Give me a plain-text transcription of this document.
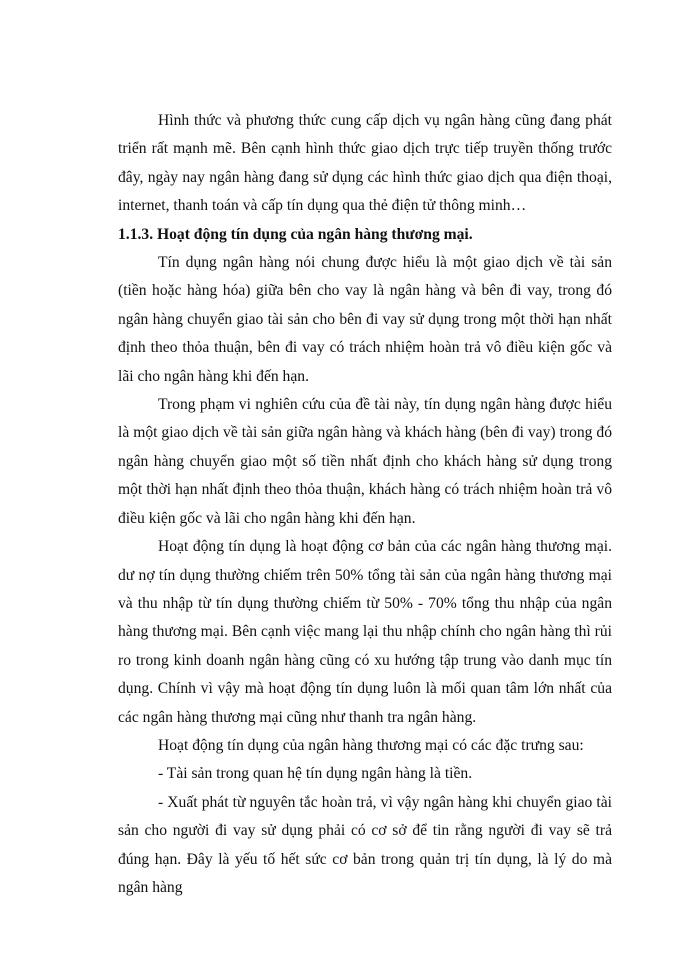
Hình thức và phương thức cung cấp dịch vụ ngân hàng cũng đang phát triển rất mạnh mẽ. Bên cạnh hình thức giao dịch trực tiếp truyền thống trước đây, ngày nay ngân hàng đang sử dụng các hình thức giao dịch qua điện thoại, internet, thanh toán và cấp tín dụng qua thẻ điện tử thông minh…

1.1.3. Hoạt động tín dụng của ngân hàng thương mại.

Tín dụng ngân hàng nói chung được hiểu là một giao dịch về tài sản (tiền hoặc hàng hóa) giữa bên cho vay là ngân hàng và bên đi vay, trong đó ngân hàng chuyển giao tài sản cho bên đi vay sử dụng trong một thời hạn nhất định theo thỏa thuận, bên đi vay có trách nhiệm hoàn trả vô điều kiện gốc và lãi cho ngân hàng khi đến hạn.

Trong phạm vi nghiên cứu của đề tài này, tín dụng ngân hàng được hiểu là một giao dịch về tài sản giữa ngân hàng và khách hàng (bên đi vay) trong đó ngân hàng chuyển giao một số tiền nhất định cho khách hàng sử dụng trong một thời hạn nhất định theo thỏa thuận, khách hàng có trách nhiệm hoàn trả vô điều kiện gốc và lãi cho ngân hàng khi đến hạn.

Hoạt động tín dụng là hoạt động cơ bản của các ngân hàng thương mại. dư nợ tín dụng thường chiếm trên 50% tổng tài sản của ngân hàng thương mại và thu nhập từ tín dụng thường chiếm từ 50% - 70% tổng thu nhập của ngân hàng thương mại. Bên cạnh việc mang lại thu nhập chính cho ngân hàng thì rủi ro trong kinh doanh ngân hàng cũng có xu hướng tập trung vào danh mục tín dụng. Chính vì vậy mà hoạt động tín dụng luôn là mối quan tâm lớn nhất của các ngân hàng thương mại cũng như thanh tra ngân hàng.

Hoạt động tín dụng của ngân hàng thương mại có các đặc trưng sau:

- Tài sản trong quan hệ tín dụng ngân hàng là tiền.

- Xuất phát từ nguyên tắc hoàn trả, vì vậy ngân hàng khi chuyển giao tài sản cho người đi vay sử dụng phải có cơ sở để tin rằng người đi vay sẽ trả đúng hạn. Đây là yếu tố hết sức cơ bản trong quản trị tín dụng, là lý do mà ngân hàng
